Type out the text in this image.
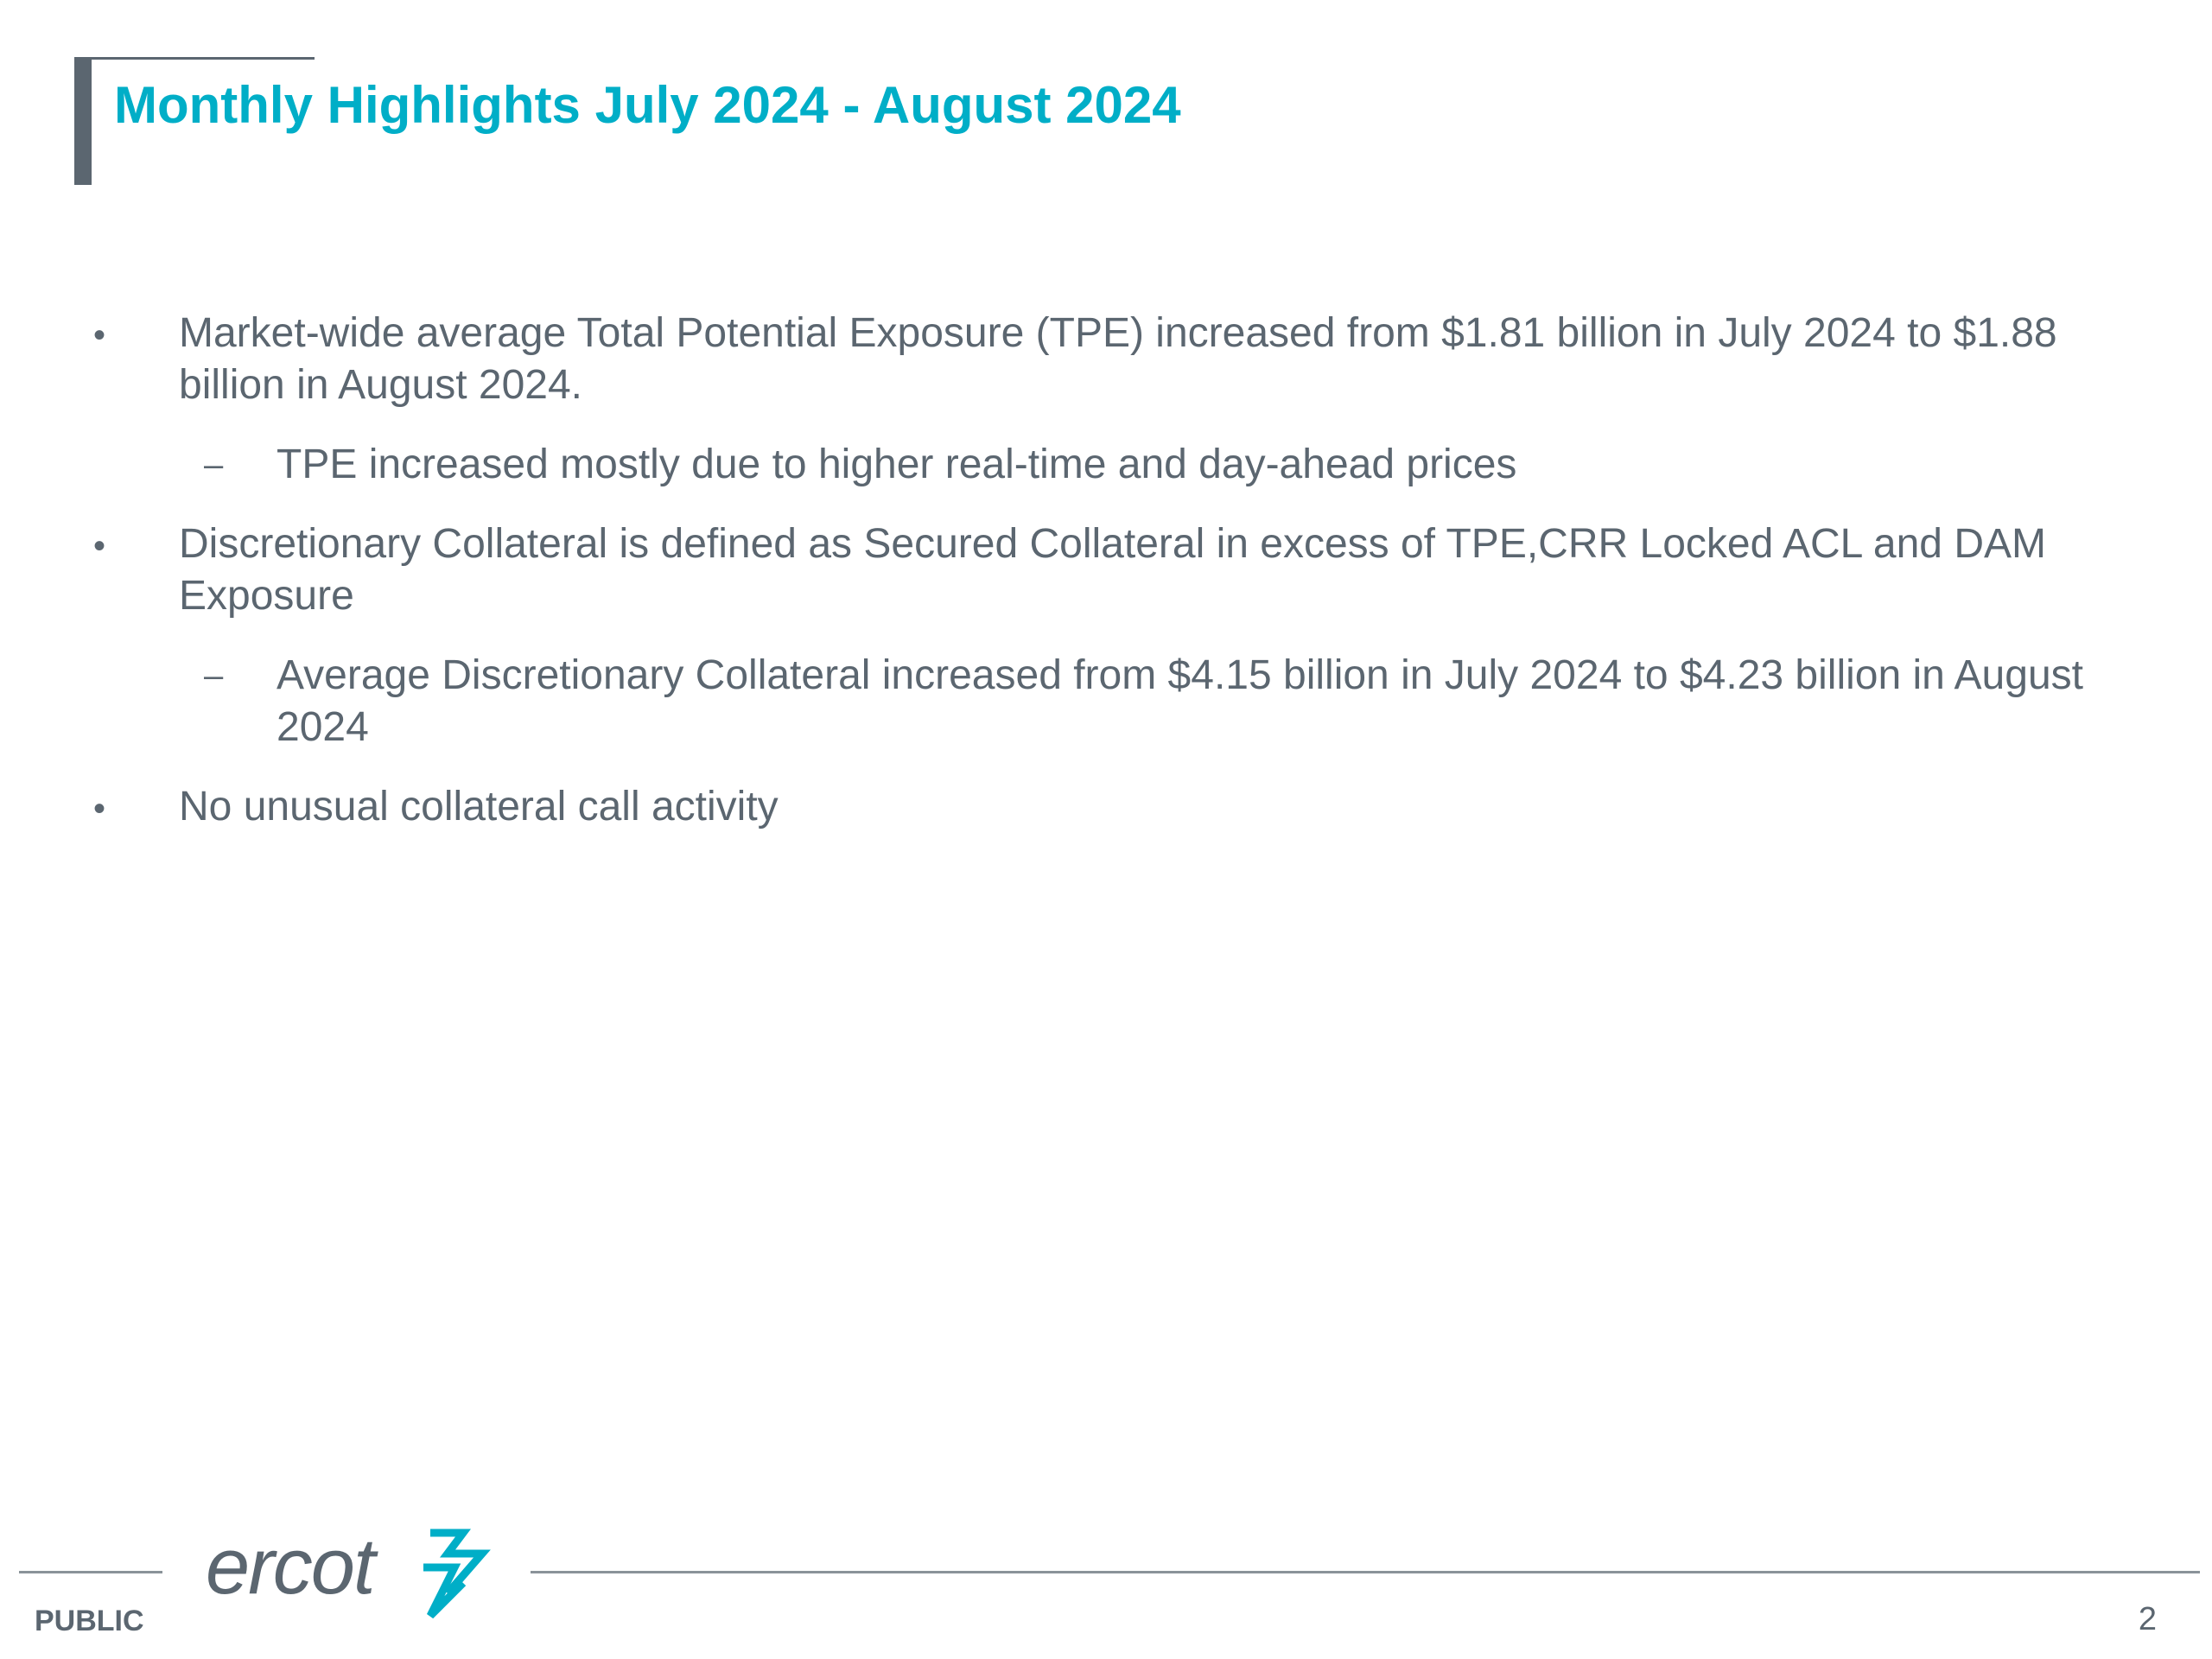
Monthly Highlights July 2024 - August 2024
• Market-wide average Total Potential Exposure (TPE) increased from $1.81 billion in July 2024 to $1.88 billion in August 2024.
– TPE increased mostly due to higher real-time and day-ahead prices
• Discretionary Collateral is defined as Secured Collateral in excess of TPE,CRR Locked ACL and DAM Exposure
– Average Discretionary Collateral increased from $4.15 billion in July 2024 to $4.23 billion in August 2024
• No unusual collateral call activity
ercot
PUBLIC	2
